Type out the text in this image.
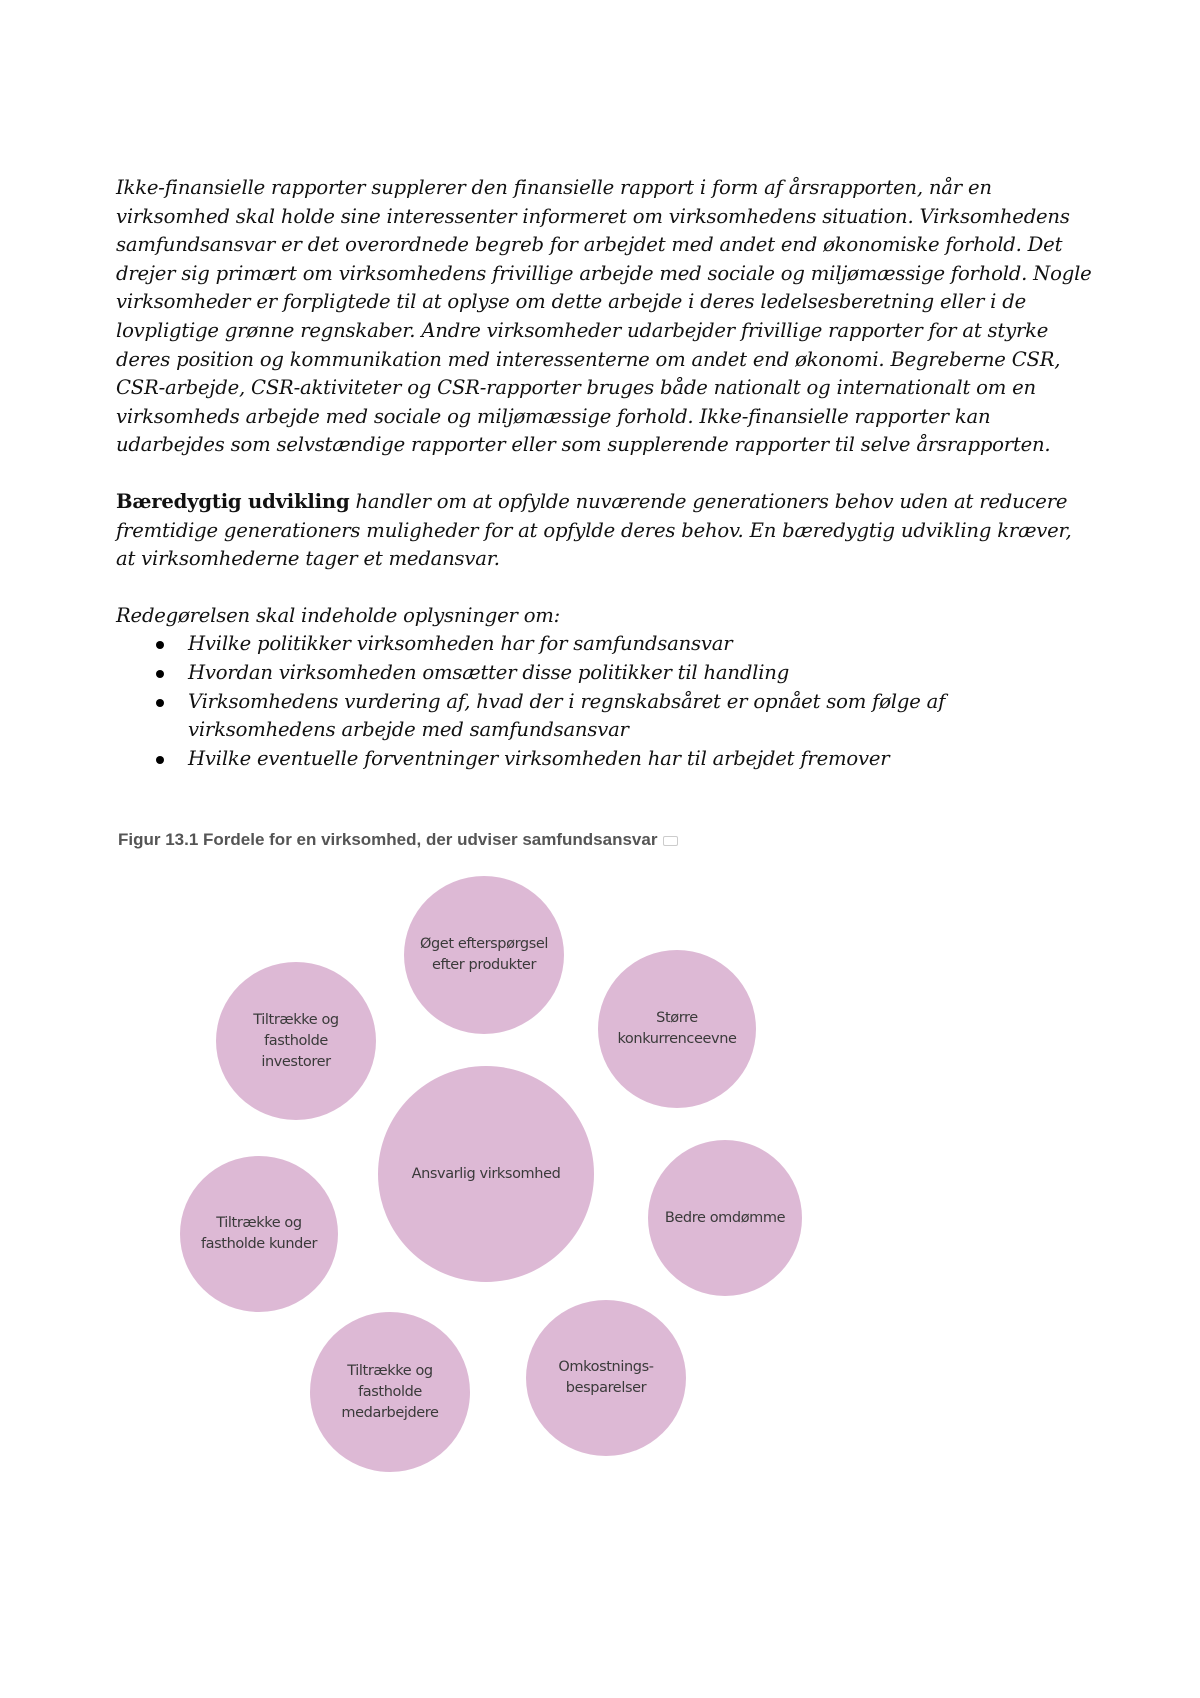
Ikke-finansielle rapporter supplerer den finansielle rapport i form af årsrapporten, når en virksomhed skal holde sine interessenter informeret om virksomhedens situation. Virksomhedens samfundsansvar er det overordnede begreb for arbejdet med andet end økonomiske forhold. Det drejer sig primært om virksomhedens frivillige arbejde med sociale og miljømæssige forhold. Nogle virksomheder er forpligtede til at oplyse om dette arbejde i deres ledelsesberetning eller i de lovpligtige grønne regnskaber. Andre virksomheder udarbejder frivillige rapporter for at styrke deres position og kommunikation med interessenterne om andet end økonomi. Begreberne CSR, CSR-arbejde, CSR-aktiviteter og CSR-rapporter bruges både nationalt og internationalt om en virksomheds arbejde med sociale og miljømæssige forhold. Ikke-finansielle rapporter kan udarbejdes som selvstændige rapporter eller som supplerende rapporter til selve årsrapporten.

Bæredygtig udvikling handler om at opfylde nuværende generationers behov uden at reducere fremtidige generationers muligheder for at opfylde deres behov. En bæredygtig udvikling kræver, at virksomhederne tager et medansvar.

Redegørelsen skal indeholde oplysninger om:

Hvilke politikker virksomheden har for samfundsansvar
Hvordan virksomheden omsætter disse politikker til handling
Virksomhedens vurdering af, hvad der i regnskabsåret er opnået som følge af virksomhedens arbejde med samfundsansvar
Hvilke eventuelle forventninger virksomheden har til arbejdet fremover
Figur 13.1 Fordele for en virksomhed, der udviser samfundsansvar
Ansvarlig virksomhed
Øget efterspørgsel efter produkter
Større konkurrenceevne
Bedre omdømme
Omkostnings-besparelser
Tiltrække og fastholde medarbejdere
Tiltrække og fastholde kunder
Tiltrække og fastholde investorer
